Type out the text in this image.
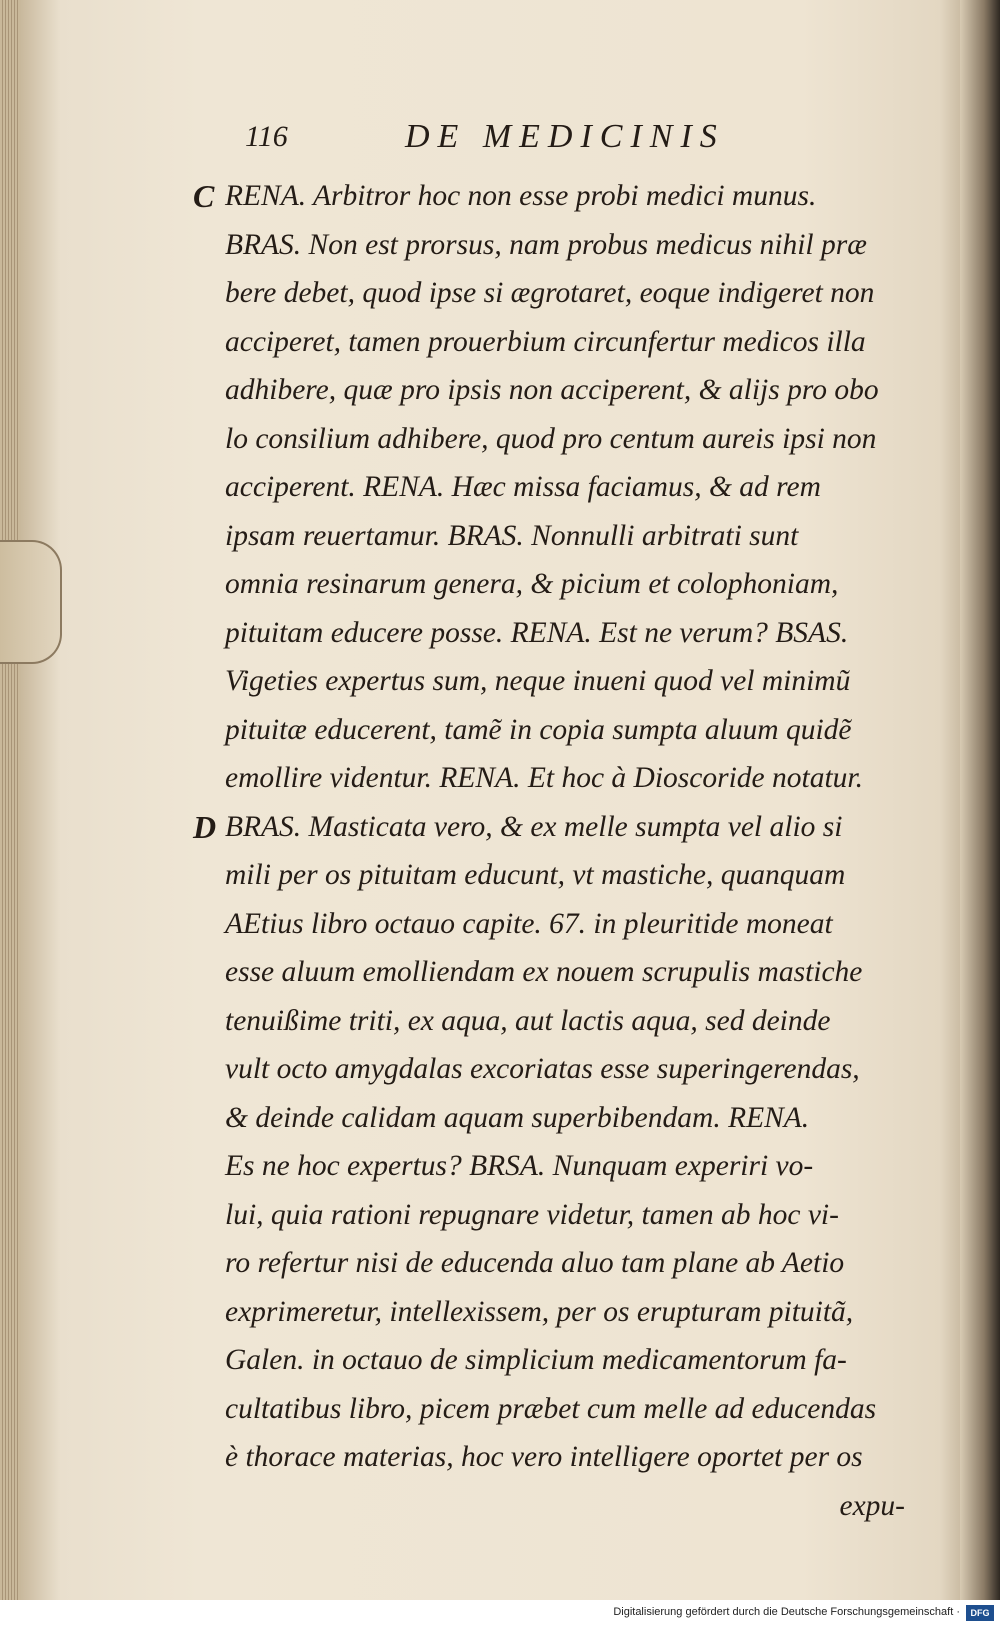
116	DE MEDICINIS
C RENA. Arbitror hoc non esse probi medici munus.
BRAS. Non est prorsus, nam probus medicus nihil præ
bere debet, quod ipse si ægrotaret, eoque indigeret non
acciperet, tamen prouerbium circunfertur medicos illa
adhibere, quæ pro ipsis non acciperent, & alijs pro obo
lo consilium adhibere, quod pro centum aureis ipsi non
acciperent. RENA. Hæc missa faciamus, & ad rem
ipsam reuertamur. BRAS. Nonnulli arbitrati sunt
omnia resinarum genera, & picium et colophoniam,
pituitam educere posse. RENA. Est ne verum? BSAS.
Vigeties expertus sum, neque inueni quod vel minimũ
pituitæ educerent, tamẽ in copia sumpta aluum quidẽ
emollire videntur. RENA. Et hoc à Dioscoride notatur.
D BRAS. Masticata vero, & ex melle sumpta vel alio si
mili per os pituitam educunt, vt mastiche, quanquam
AEtius libro octauo capite. 67. in pleuritide moneat
esse aluum emolliendam ex nouem scrupulis mastiche
tenuißime triti, ex aqua, aut lactis aqua, sed deinde
vult octo amygdalas excoriatas esse superingerendas,
& deinde calidam aquam superbibendam. RENA.
Es ne hoc expertus? BRSA. Nunquam experiri vo-
lui, quia rationi repugnare videtur, tamen ab hoc vi-
ro refertur nisi de educenda aluo tam plane ab Aetio
exprimeretur, intellexissem, per os erupturam pituitã,
Galen. in octauo de simplicium medicamentorum fa-
cultatibus libro, picem præbet cum melle ad educendas
è thorace materias, hoc vero intelligere oportet per os
expu-
Digitalisierung gefördert durch die Deutsche Forschungsgemeinschaft ·	DFG
